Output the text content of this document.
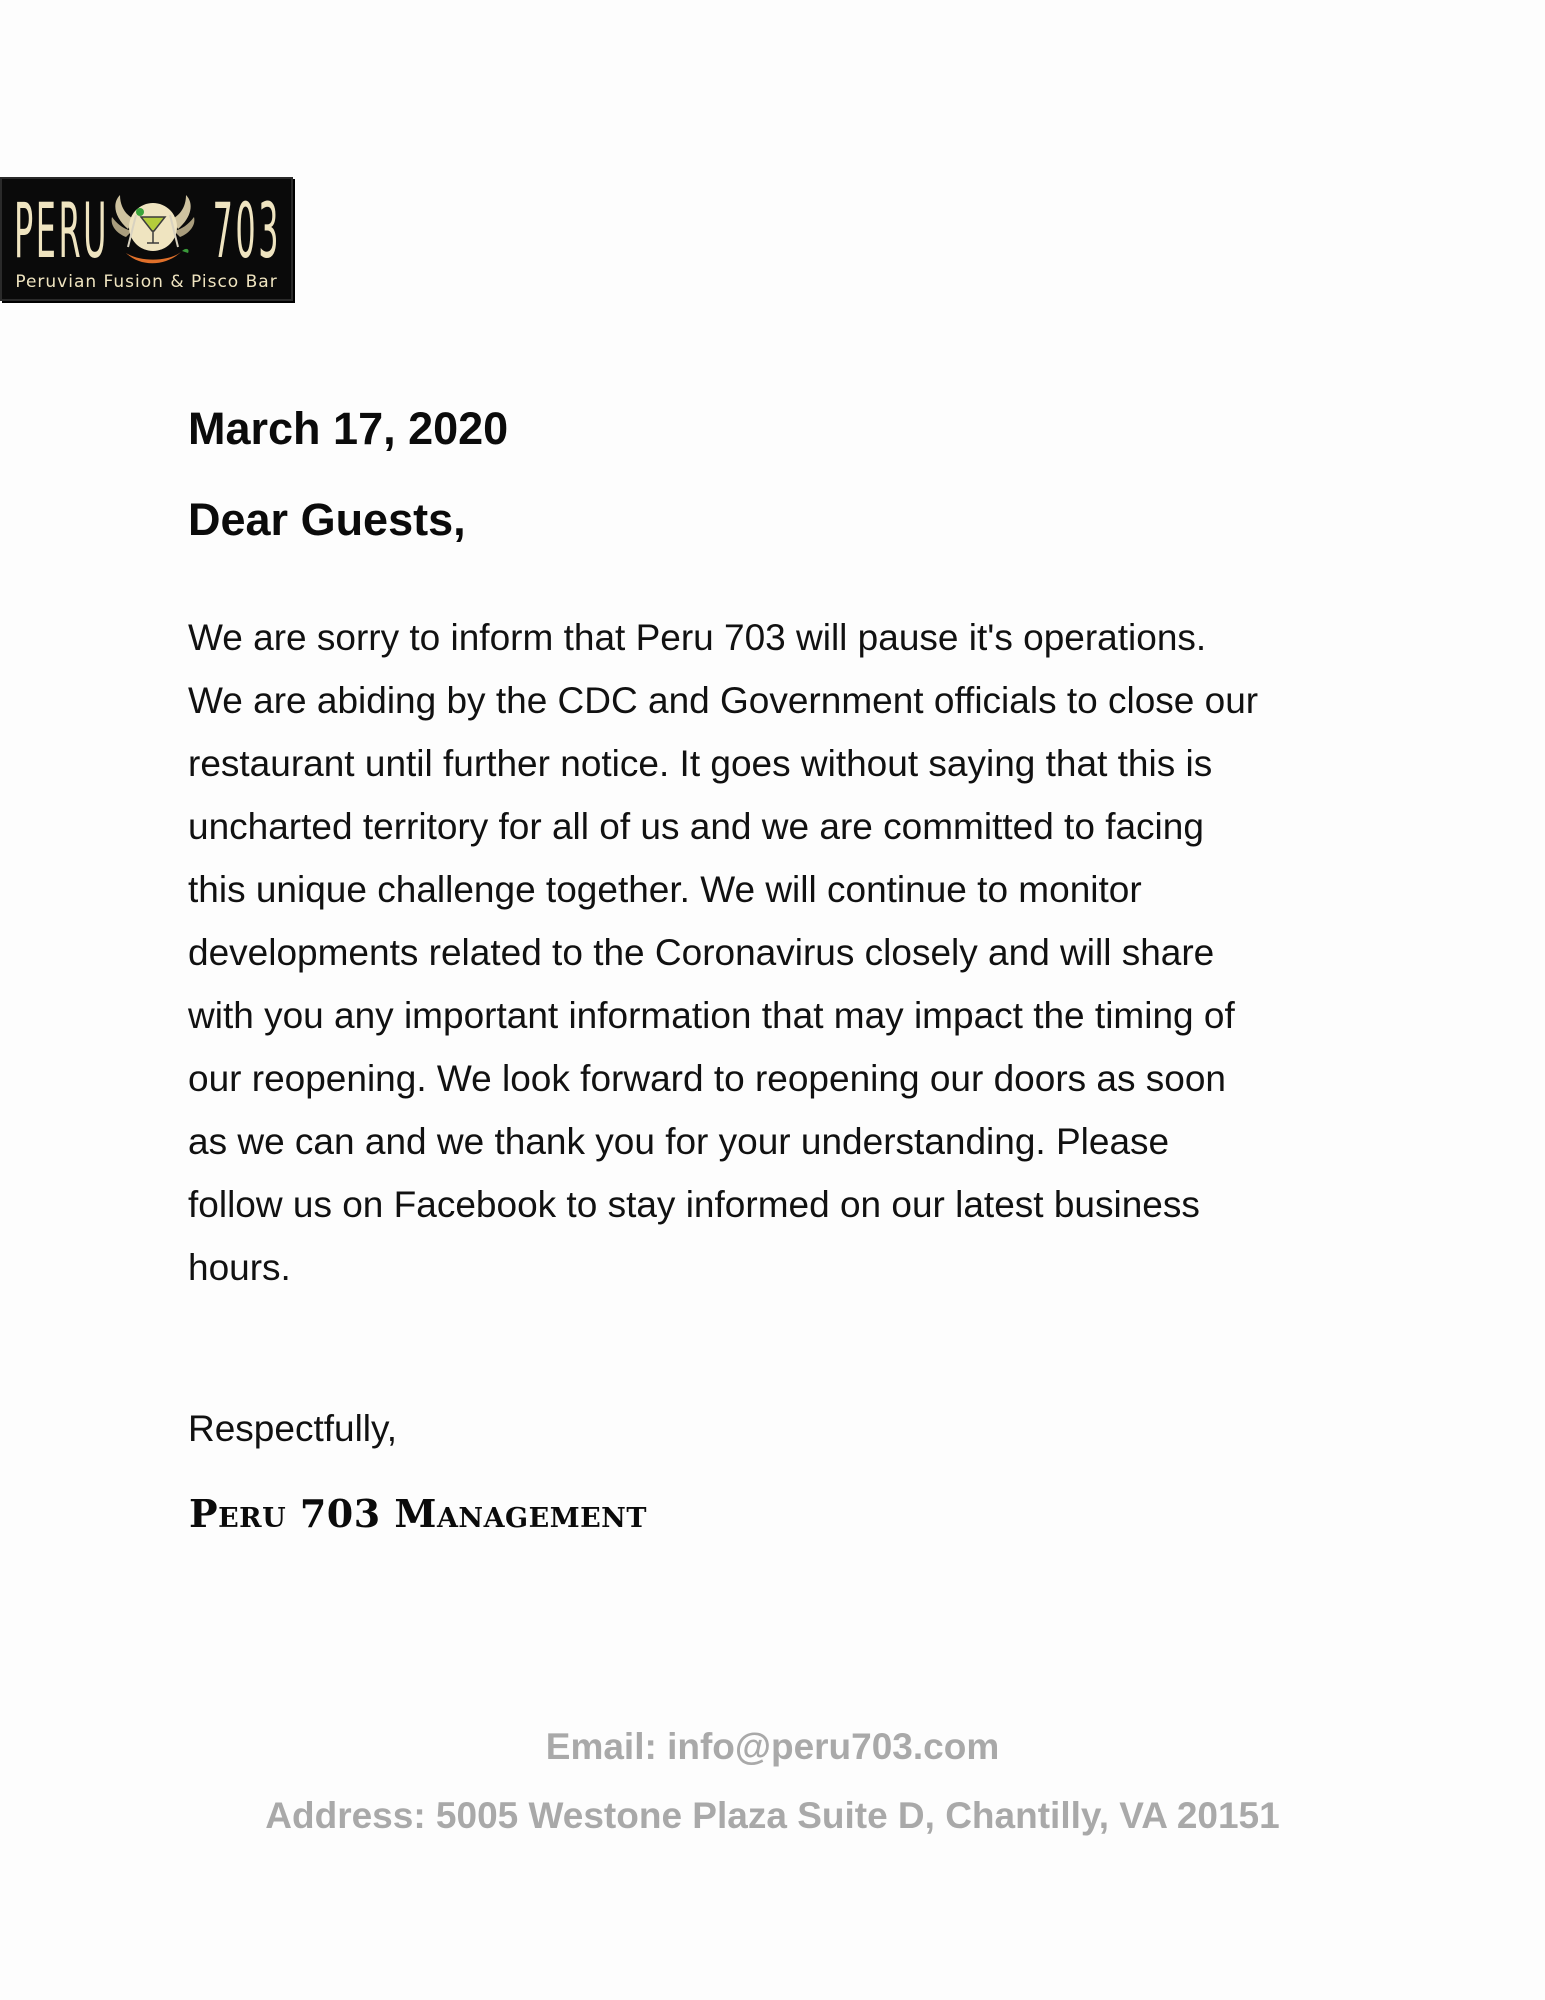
PERU 703
Peruvian Fusion & Pisco Bar

March 17, 2020

Dear Guests,

We are sorry to inform that Peru 703 will pause it's operations. We are abiding by the CDC and Government officials to close our restaurant until further notice. It goes without saying that this is uncharted territory for all of us and we are committed to facing this unique challenge together. We will continue to monitor developments related to the Coronavirus closely and will share with you any important information that may impact the timing of our reopening. We look forward to reopening our doors as soon as we can and we thank you for your understanding. Please follow us on Facebook to stay informed on our latest business hours.

Respectfully,

Peru 703 Management

Email: info@peru703.com

Address: 5005 Westone Plaza Suite D, Chantilly, VA 20151
